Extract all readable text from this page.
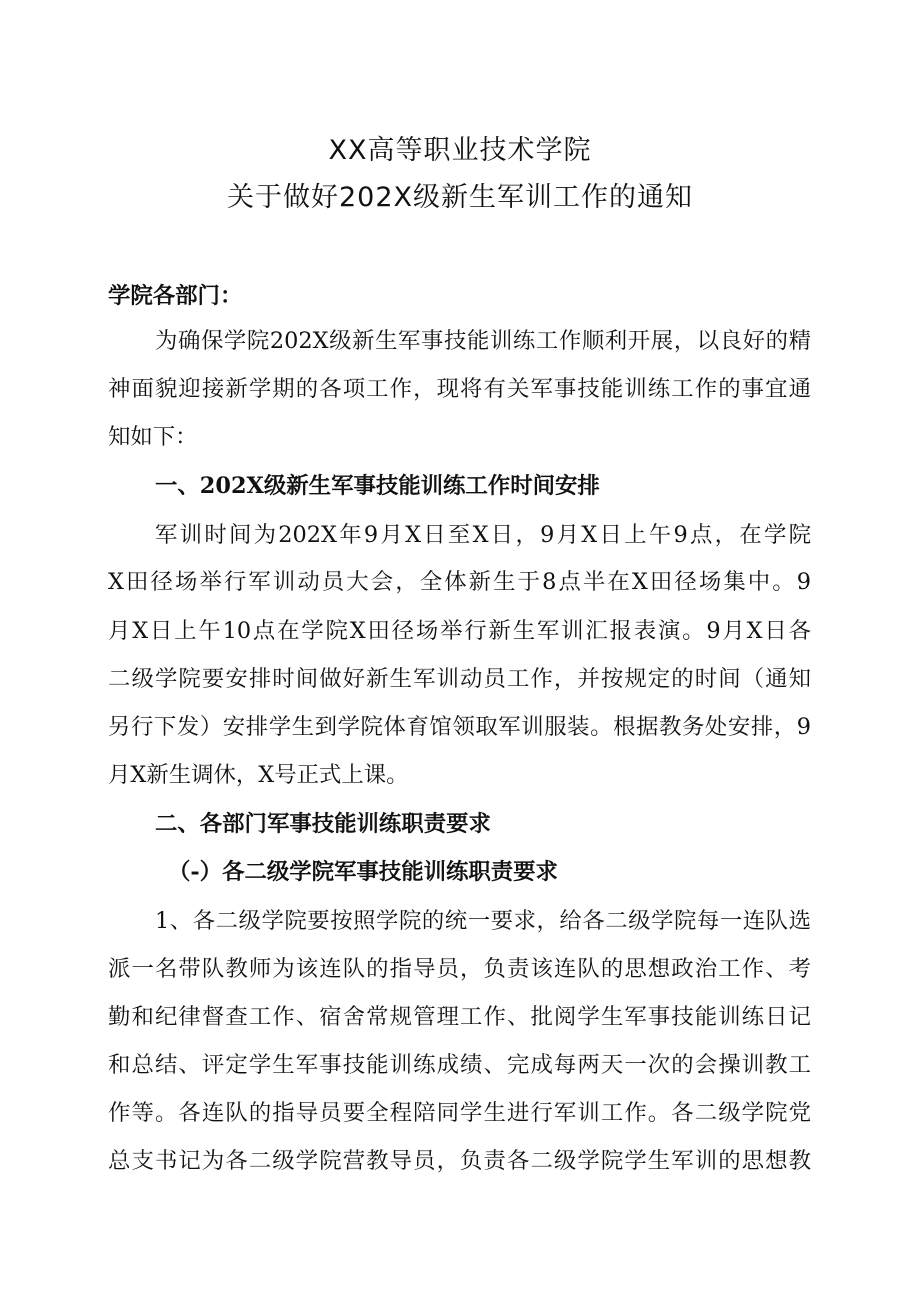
XX高等职业技术学院
关于做好202X级新生军训工作的通知
学院各部门：
为确保学院202X级新生军事技能训练工作顺利开展，以良好的精
神面貌迎接新学期的各项工作，现将有关军事技能训练工作的事宜通
知如下：
一、202X级新生军事技能训练工作时间安排
军训时间为202X年9月X日至X日，9月X日上午9点，在学院
X田径场举行军训动员大会，全体新生于8点半在X田径场集中。9
月X日上午10点在学院X田径场举行新生军训汇报表演。9月X日各
二级学院要安排时间做好新生军训动员工作，并按规定的时间（通知
另行下发）安排学生到学院体育馆领取军训服装。根据教务处安排，9
月X新生调休，X号正式上课。
二、各部门军事技能训练职责要求
（-）各二级学院军事技能训练职责要求
1、各二级学院要按照学院的统一要求，给各二级学院每一连队选
派一名带队教师为该连队的指导员，负责该连队的思想政治工作、考
勤和纪律督查工作、宿舍常规管理工作、批阅学生军事技能训练日记
和总结、评定学生军事技能训练成绩、完成每两天一次的会操训教工
作等。各连队的指导员要全程陪同学生进行军训工作。各二级学院党
总支书记为各二级学院营教导员，负责各二级学院学生军训的思想教
